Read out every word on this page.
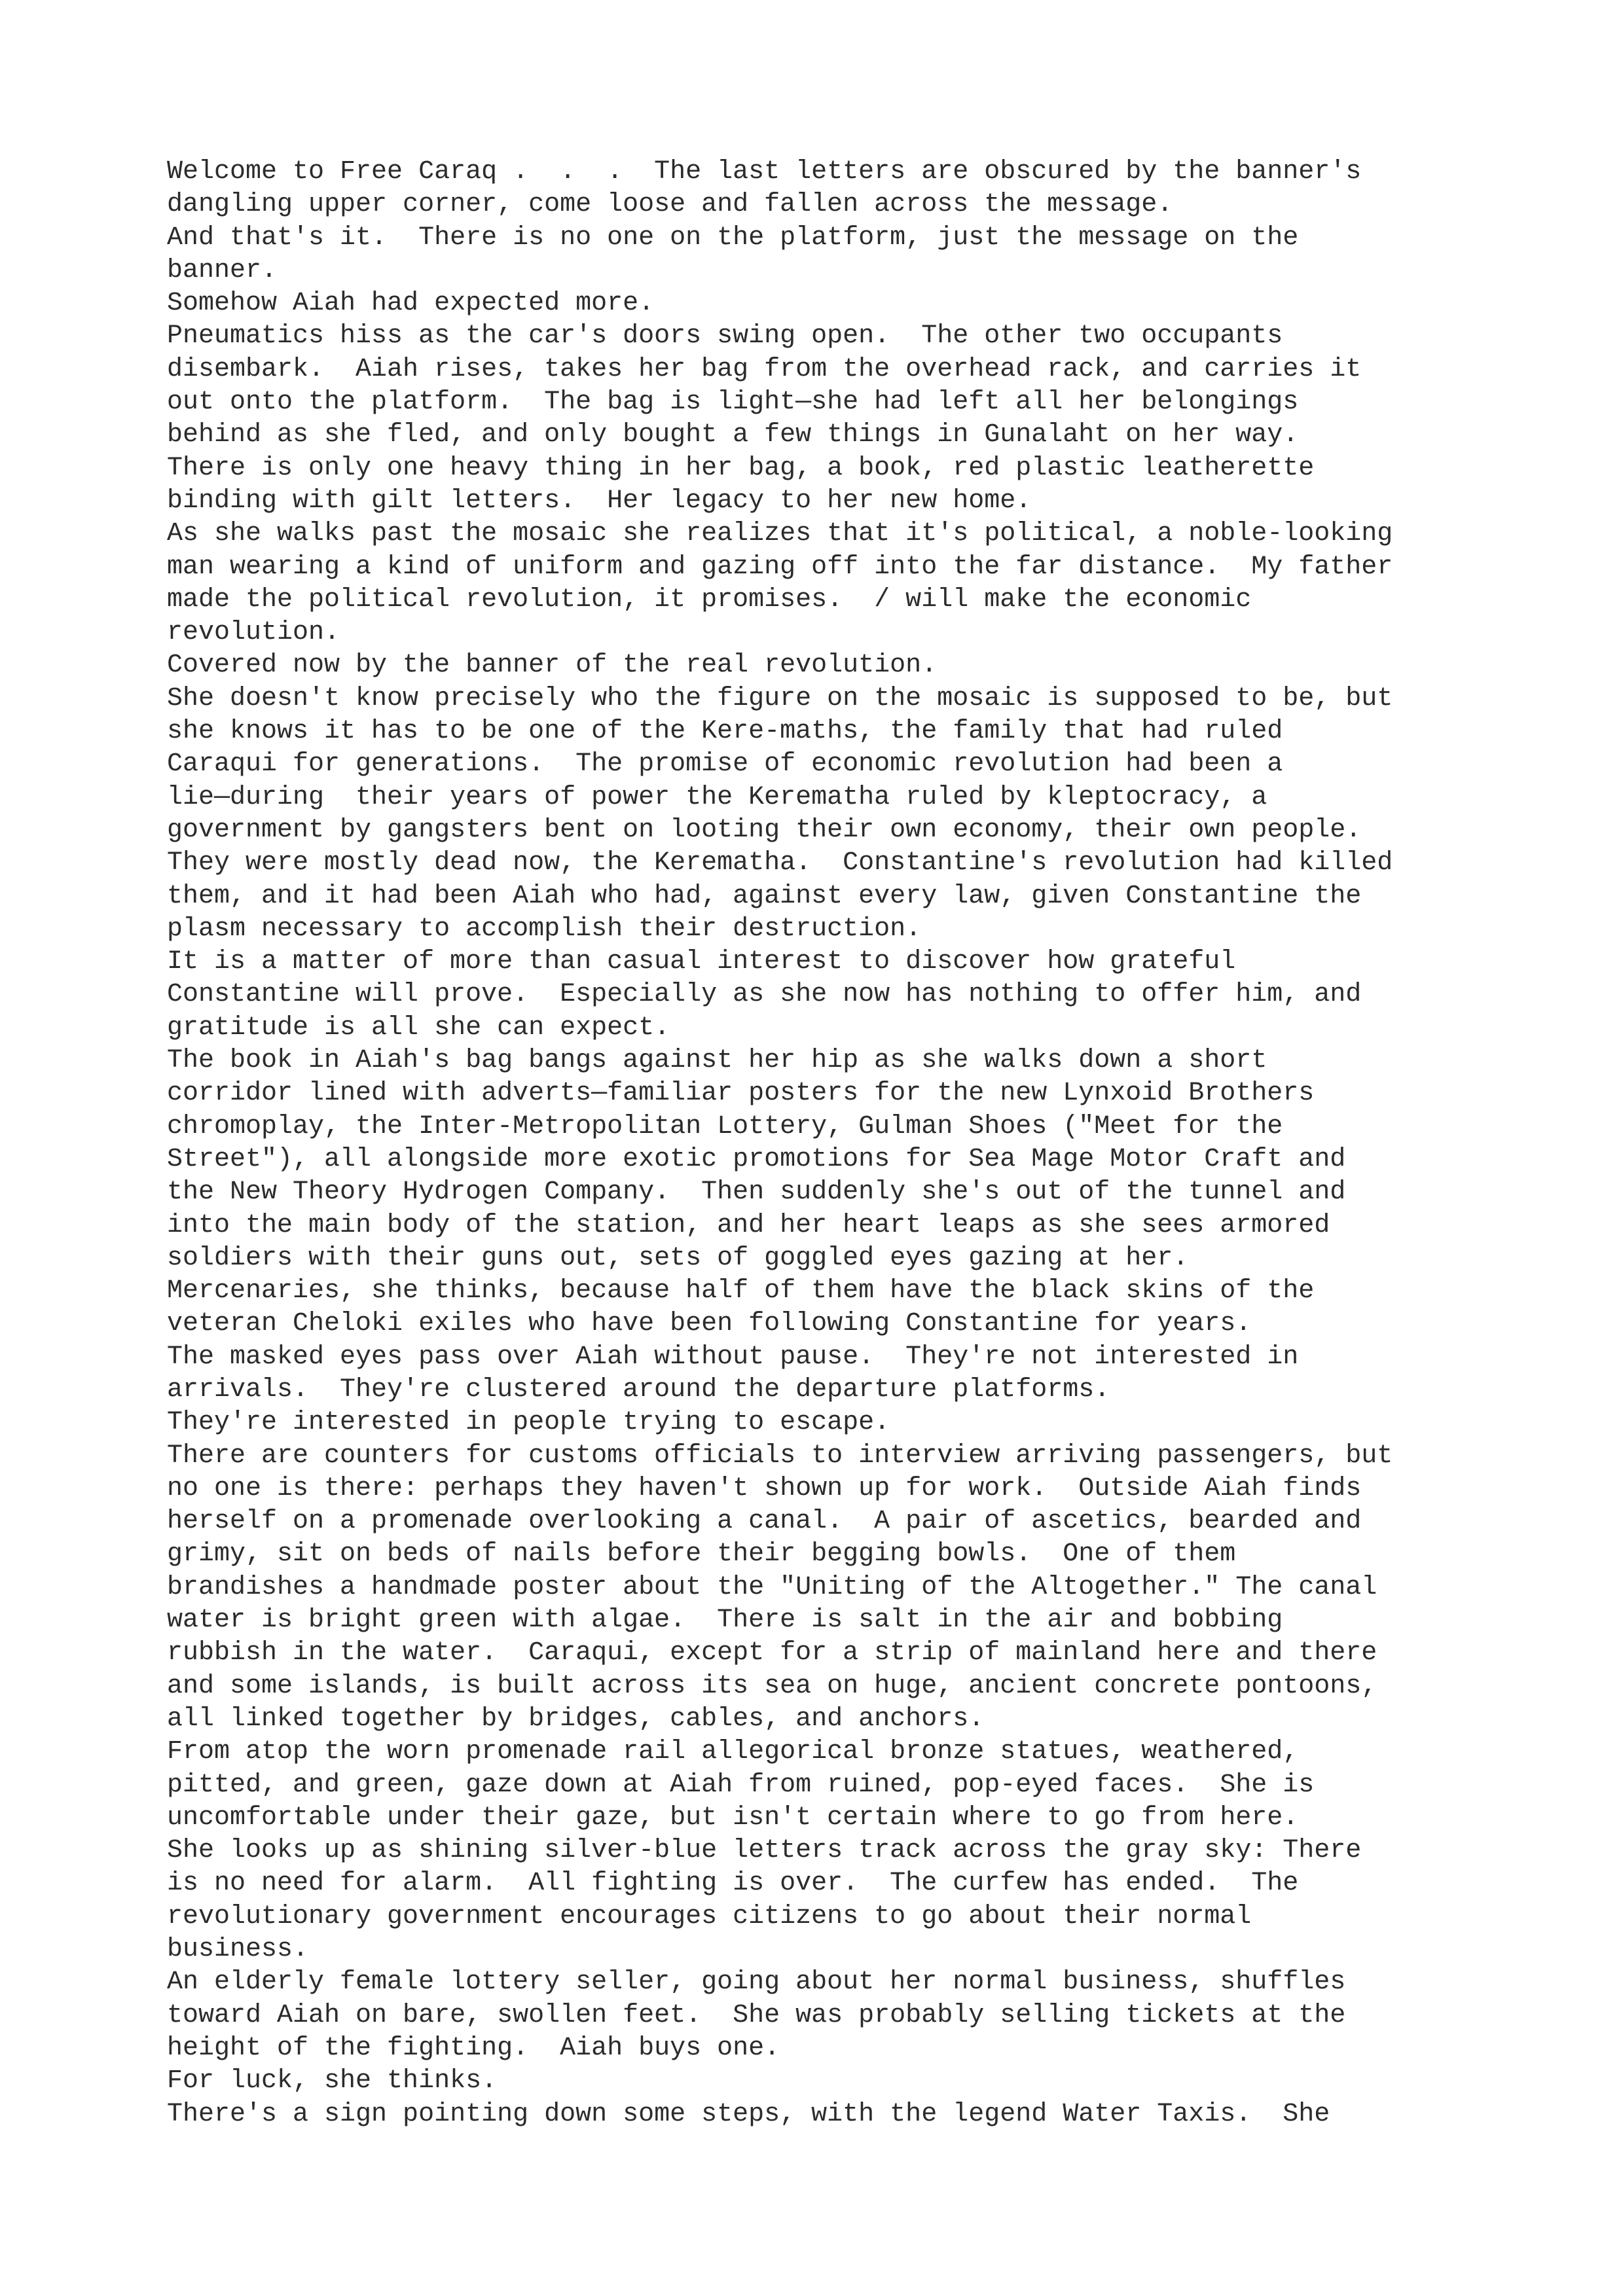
Welcome to Free Caraq .  .  .  The last letters are obscured by the banner's
dangling upper corner, come loose and fallen across the message.
And that's it.  There is no one on the platform, just the message on the
banner.
Somehow Aiah had expected more.
Pneumatics hiss as the car's doors swing open.  The other two occupants
disembark.  Aiah rises, takes her bag from the overhead rack, and carries it
out onto the platform.  The bag is light—she had left all her belongings
behind as she fled, and only bought a few things in Gunalaht on her way.
There is only one heavy thing in her bag, a book, red plastic leatherette
binding with gilt letters.  Her legacy to her new home.
As she walks past the mosaic she realizes that it's political, a noble-looking
man wearing a kind of uniform and gazing off into the far distance.  My father
made the political revolution, it promises.  / will make the economic
revolution.
Covered now by the banner of the real revolution.
She doesn't know precisely who the figure on the mosaic is supposed to be, but
she knows it has to be one of the Kere-maths, the family that had ruled
Caraqui for generations.  The promise of economic revolution had been a
lie—during  their years of power the Kerematha ruled by kleptocracy, a
government by gangsters bent on looting their own economy, their own people.
They were mostly dead now, the Kerematha.  Constantine's revolution had killed
them, and it had been Aiah who had, against every law, given Constantine the
plasm necessary to accomplish their destruction.
It is a matter of more than casual interest to discover how grateful
Constantine will prove.  Especially as she now has nothing to offer him, and
gratitude is all she can expect.
The book in Aiah's bag bangs against her hip as she walks down a short
corridor lined with adverts—familiar posters for the new Lynxoid Brothers
chromoplay, the Inter-Metropolitan Lottery, Gulman Shoes ("Meet for the
Street"), all alongside more exotic promotions for Sea Mage Motor Craft and
the New Theory Hydrogen Company.  Then suddenly she's out of the tunnel and
into the main body of the station, and her heart leaps as she sees armored
soldiers with their guns out, sets of goggled eyes gazing at her.
Mercenaries, she thinks, because half of them have the black skins of the
veteran Cheloki exiles who have been following Constantine for years.
The masked eyes pass over Aiah without pause.  They're not interested in
arrivals.  They're clustered around the departure platforms.
They're interested in people trying to escape.
There are counters for customs officials to interview arriving passengers, but
no one is there: perhaps they haven't shown up for work.  Outside Aiah finds
herself on a promenade overlooking a canal.  A pair of ascetics, bearded and
grimy, sit on beds of nails before their begging bowls.  One of them
brandishes a handmade poster about the "Uniting of the Altogether." The canal
water is bright green with algae.  There is salt in the air and bobbing
rubbish in the water.  Caraqui, except for a strip of mainland here and there
and some islands, is built across its sea on huge, ancient concrete pontoons,
all linked together by bridges, cables, and anchors.
From atop the worn promenade rail allegorical bronze statues, weathered,
pitted, and green, gaze down at Aiah from ruined, pop-eyed faces.  She is
uncomfortable under their gaze, but isn't certain where to go from here.
She looks up as shining silver-blue letters track across the gray sky: There
is no need for alarm.  All fighting is over.  The curfew has ended.  The
revolutionary government encourages citizens to go about their normal
business.
An elderly female lottery seller, going about her normal business, shuffles
toward Aiah on bare, swollen feet.  She was probably selling tickets at the
height of the fighting.  Aiah buys one.
For luck, she thinks.
There's a sign pointing down some steps, with the legend Water Taxis.  She
